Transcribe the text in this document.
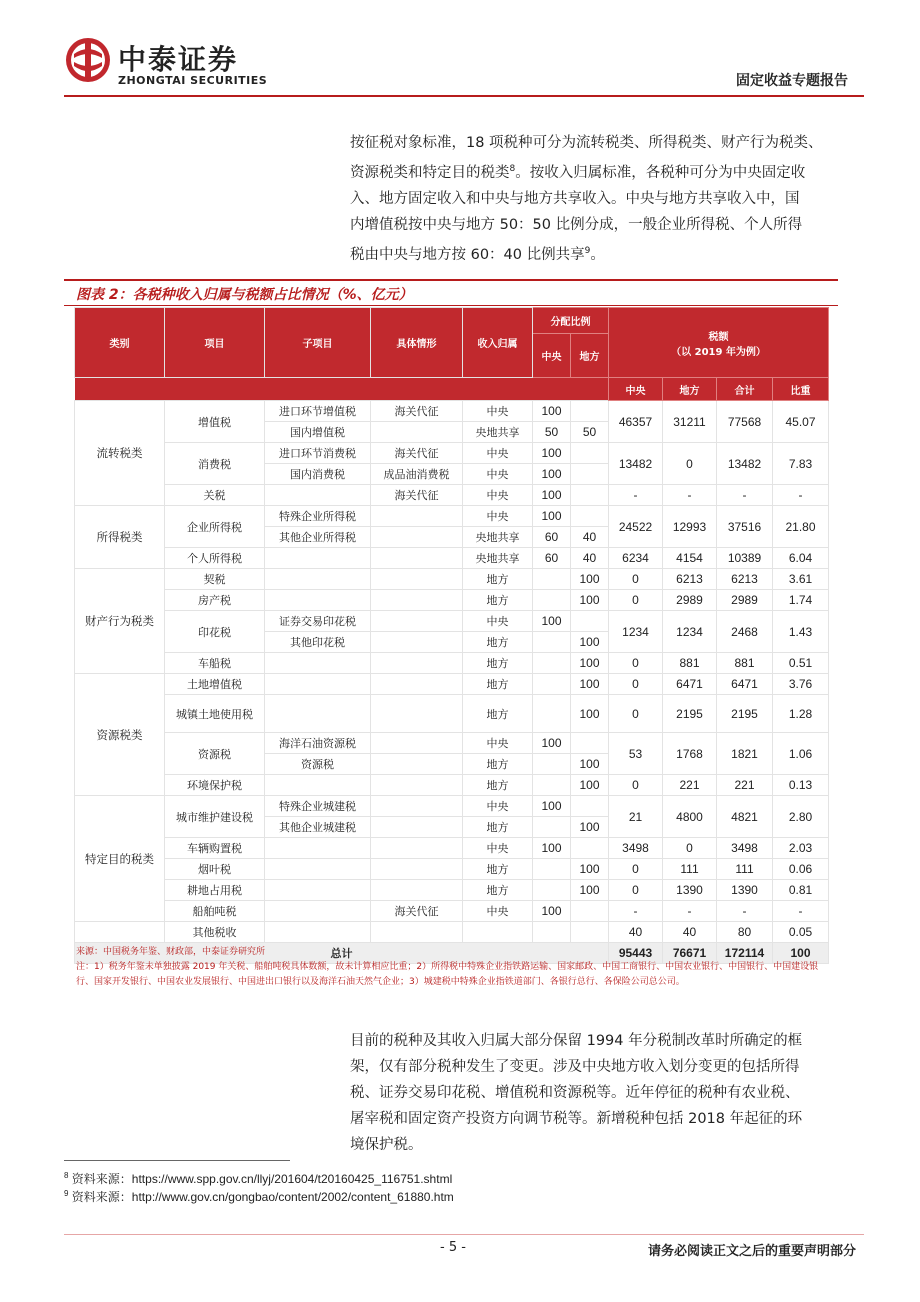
中泰证券
ZHONGTAI SECURITIES	固定收益专题报告
按征税对象标准，18 项税种可分为流转税类、所得税类、财产行为税类、
资源税类和特定目的税类$^8$。按收入归属标准，各税种可分为中央固定收
入、地方固定收入和中央与地方共享收入。中央与地方共享收入中，国
内增值税按中央与地方 50：50 比例分成，一般企业所得税、个人所得
税由中央与地方按 60：40 比例共享$^9$。
图表 2：各税种收入归属与税额占比情况（%、亿元）
类别	项目	子项目	具体情形	收入归属	分配比例		税额
（以 2019 年为例）			

					中央	地方				
							中央	地方	合计	比重
流转税类	增值税	进口环节增值税	海关代征	中央	100		46357	31211	77568	45.07
		国内增值税		央地共享	50	50				
	消费税	进口环节消费税	海关代征	中央	100		13482	0	13482	7.83
		国内消费税	成品油消费税	中央	100					
	关税		海关代征	中央	100		-	-	-	-
所得税类	企业所得税	特殊企业所得税		中央	100		24522	12993	37516	21.80
		其他企业所得税		央地共享	60	40				
	个人所得税			央地共享	60	40	6234	4154	10389	6.04
财产行为税类	契税			地方		100	0	6213	6213	3.61
	房产税			地方		100	0	2989	2989	1.74
	印花税	证券交易印花税		中央	100		1234	1234	2468	1.43
		其他印花税		地方		100				
	车船税			地方		100	0	881	881	0.51
资源税类	土地增值税			地方		100	0	6471	6471	3.76
	城镇土地使用税			地方		100	0	2195	2195	1.28
	资源税	海洋石油资源税		中央	100		53	1768	1821	1.06
		资源税		地方		100				
	环境保护税			地方		100	0	221	221	0.13
特定目的税类	城市维护建设税	特殊企业城建税		中央	100		21	4800	4821	2.80
		其他企业城建税		地方		100				
	车辆购置税			中央	100		3498	0	3498	2.03
	烟叶税			地方		100	0	111	111	0.06
	耕地占用税			地方		100	0	1390	1390	0.81
	船舶吨税		海关代征	中央	100		-	-	-	-
	其他税收						40	40	80	0.05
总计							95443	76671	172114	100
来源：中国税务年鉴、财政部，中泰证券研究所
注：1）税务年鉴未单独披露 2019 年关税、船舶吨税具体数额，故未计算相应比重；2）所得税中特殊企业指铁路运输、国家邮政、中国工商银行、中国农业银行、中国银行、中国建设银行、国家开发银行、中国农业发展银行、中国进出口银行以及海洋石油天然气企业；3）城建税中特殊企业指铁道部门、各银行总行、各保险公司总公司。
目前的税种及其收入归属大部分保留 1994 年分税制改革时所确定的框
架，仅有部分税种发生了变更。涉及中央地方收入划分变更的包括所得
税、证券交易印花税、增值税和资源税等。近年停征的税种有农业税、
屠宰税和固定资产投资方向调节税等。新增税种包括 2018 年起征的环
境保护税。
$^8$ 资料来源：https://www.spp.gov.cn/llyj/201604/t20160425_116751.shtml
$^9$ 资料来源：http://www.gov.cn/gongbao/content/2002/content_61880.htm
- 5 -	请务必阅读正文之后的重要声明部分
